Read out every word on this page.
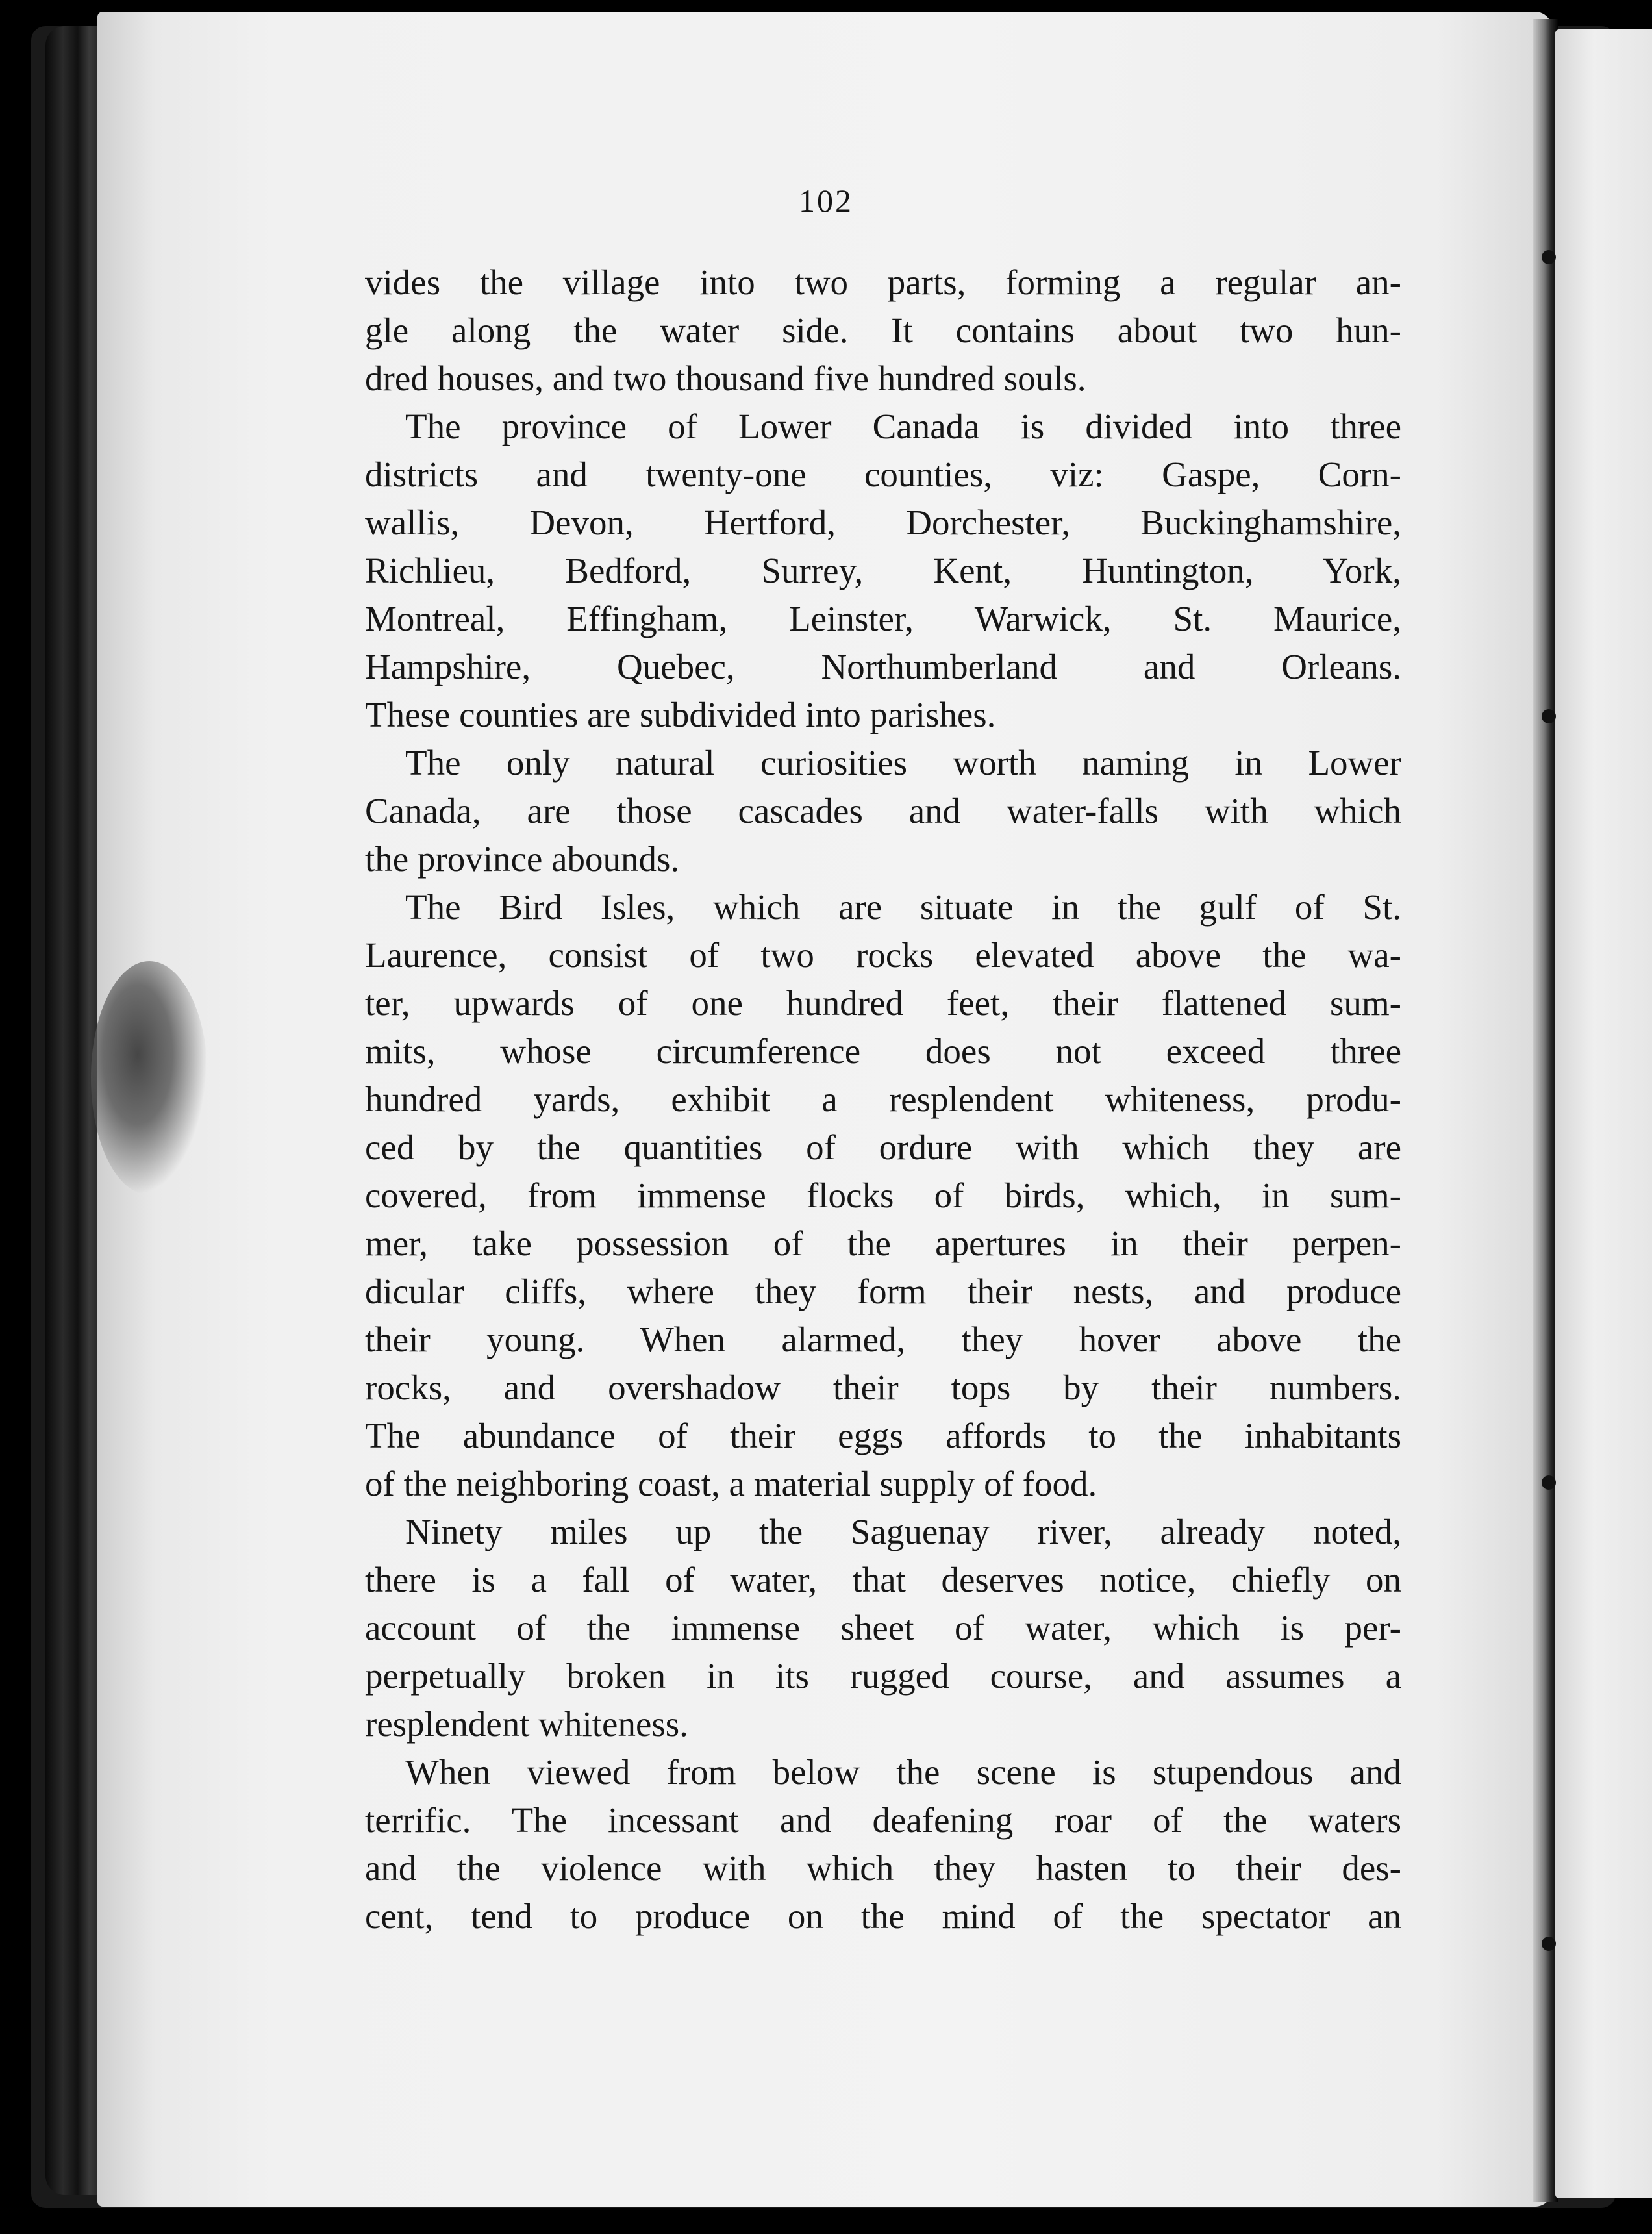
102
vides the village into two parts, forming a regular an-
gle along the water side. It contains about two hun-
dred houses, and two thousand five hundred souls.
The province of Lower Canada is divided into three
districts and twenty-one counties, viz: Gaspe, Corn-
wallis, Devon, Hertford, Dorchester, Buckinghamshire,
Richlieu, Bedford, Surrey, Kent, Huntington, York,
Montreal, Effingham, Leinster, Warwick, St. Maurice,
Hampshire, Quebec, Northumberland and Orleans.
These counties are subdivided into parishes.
The only natural curiosities worth naming in Lower
Canada, are those cascades and water-falls with which
the province abounds.
The Bird Isles, which are situate in the gulf of St.
Laurence, consist of two rocks elevated above the wa-
ter, upwards of one hundred feet, their flattened sum-
mits, whose circumference does not exceed three
hundred yards, exhibit a resplendent whiteness, produ-
ced by the quantities of ordure with which they are
covered, from immense flocks of birds, which, in sum-
mer, take possession of the apertures in their perpen-
dicular cliffs, where they form their nests, and produce
their young. When alarmed, they hover above the
rocks, and overshadow their tops by their numbers.
The abundance of their eggs affords to the inhabitants
of the neighboring coast, a material supply of food.
Ninety miles up the Saguenay river, already noted,
there is a fall of water, that deserves notice, chiefly on
account of the immense sheet of water, which is per-
perpetually broken in its rugged course, and assumes a
resplendent whiteness.
When viewed from below the scene is stupendous and
terrific. The incessant and deafening roar of the waters
and the violence with which they hasten to their des-
cent, tend to produce on the mind of the spectator an
